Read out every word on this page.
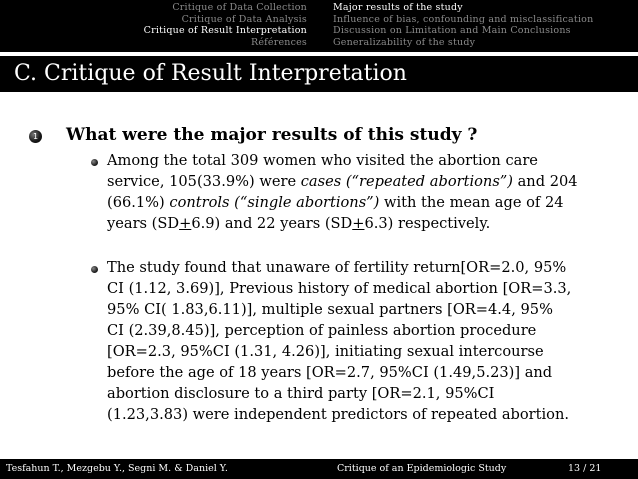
Critique of Data Collection
Critique of Data Analysis
Critique of Result Interpretation
Références
Major results of the study
Influence of bias, confounding and misclassification
Discussion on Limitation and Main Conclusions
Generalizability of the study
C. Critique of Result Interpretation
1 What were the major results of this study ?
Among the total 309 women who visited the abortion care
service, 105(33.9%) were cases (“repeated abortions”) and 204
(66.1%) controls (“single abortions”) with the mean age of 24
years (SD+6.9) and 22 years (SD+6.3) respectively.
The study found that unaware of fertility return[OR=2.0, 95%
CI (1.12, 3.69)], Previous history of medical abortion [OR=3.3,
95% CI( 1.83,6.11)], multiple sexual partners [OR=4.4, 95%
CI (2.39,8.45)], perception of painless abortion procedure
[OR=2.3, 95%CI (1.31, 4.26)], initiating sexual intercourse
before the age of 18 years [OR=2.7, 95%CI (1.49,5.23)] and
abortion disclosure to a third party [OR=2.1, 95%CI
(1.23,3.83) were independent predictors of repeated abortion.
Tesfahun T., Mezgebu Y., Segni M. & Daniel Y.	Critique of an Epidemiologic Study	13 / 21
